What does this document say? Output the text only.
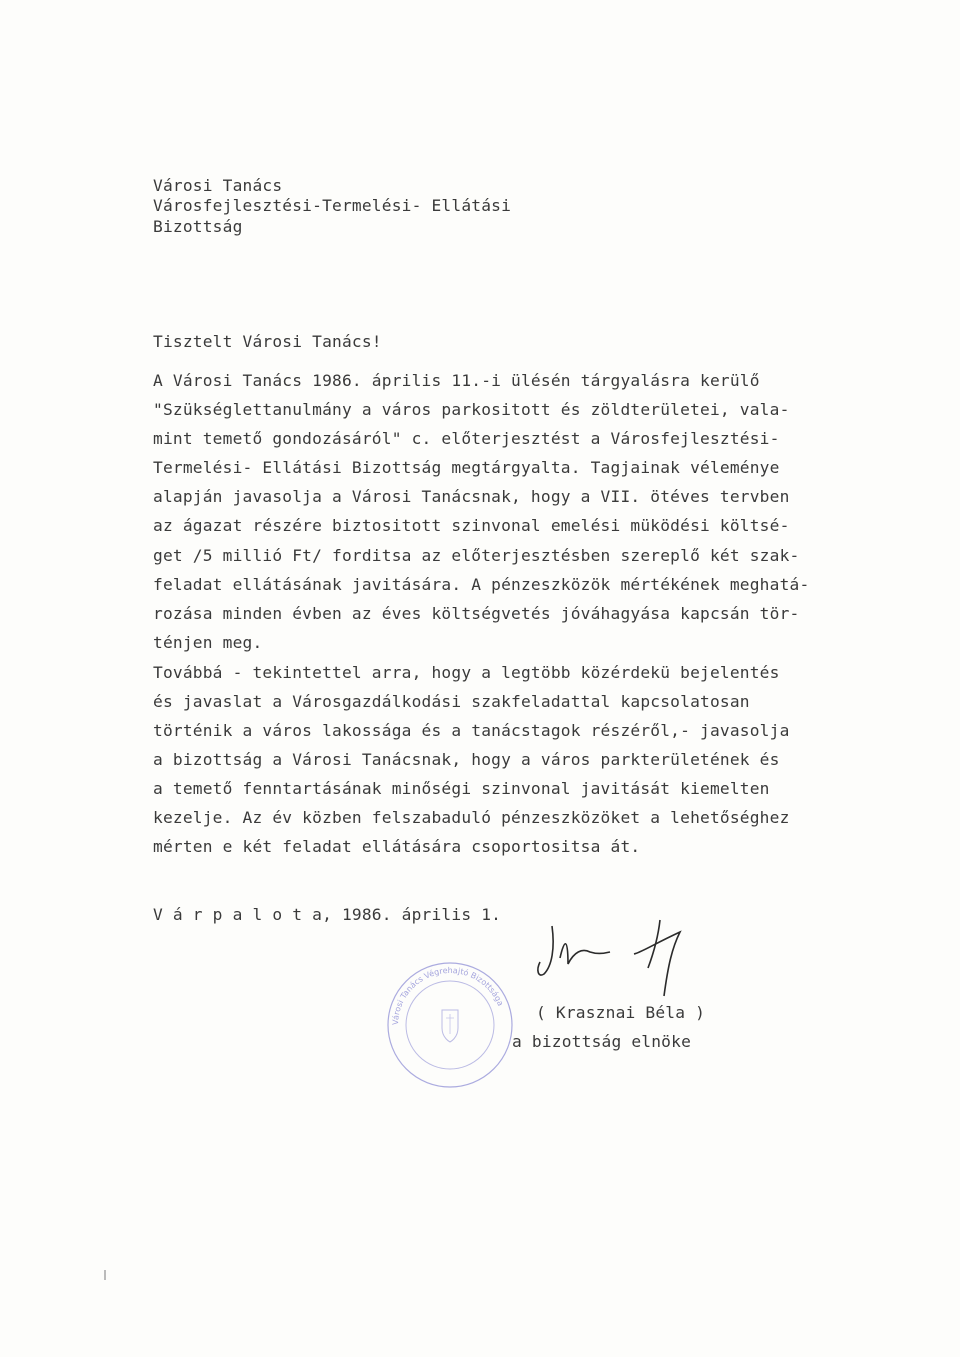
Városi Tanács
Városfejlesztési-Termelési- Ellátási
Bizottság
Tisztelt Városi Tanács!
A Városi Tanács 1986. április 11.-i ülésén tárgyalásra kerülő
"Szükséglettanulmány a város parkositott és zöldterületei, vala-
mint temető gondozásáról" c. előterjesztést a Városfejlesztési-
Termelési- Ellátási Bizottság megtárgyalta. Tagjainak véleménye
alapján javasolja a Városi Tanácsnak, hogy a VII. ötéves tervben
az ágazat részére biztositott szinvonal emelési müködési költsé-
get /5 millió Ft/ forditsa az előterjesztésben szereplő két szak-
feladat ellátásának javitására. A pénzeszközök mértékének meghatá-
rozása minden évben az éves költségvetés jóváhagyása kapcsán tör-
ténjen meg.
Továbbá - tekintettel arra, hogy a legtöbb közérdekü bejelentés
és javaslat a Városgazdálkodási szakfeladattal kapcsolatosan
történik a város lakossága és a tanácstagok részéről,- javasolja
a bizottság a Városi Tanácsnak, hogy a város parkterületének és
a temető fenntartásának minőségi szinvonal javitását kiemelten
kezelje. Az év közben felszabaduló pénzeszközöket a lehetőséghez
mérten e két feladat ellátására csoportositsa át.
V á r p a l o t a, 1986. április 1.
( Krasznai Béla )
a bizottság elnöke
Városi Tanács Végrehajtó Bizottsága
